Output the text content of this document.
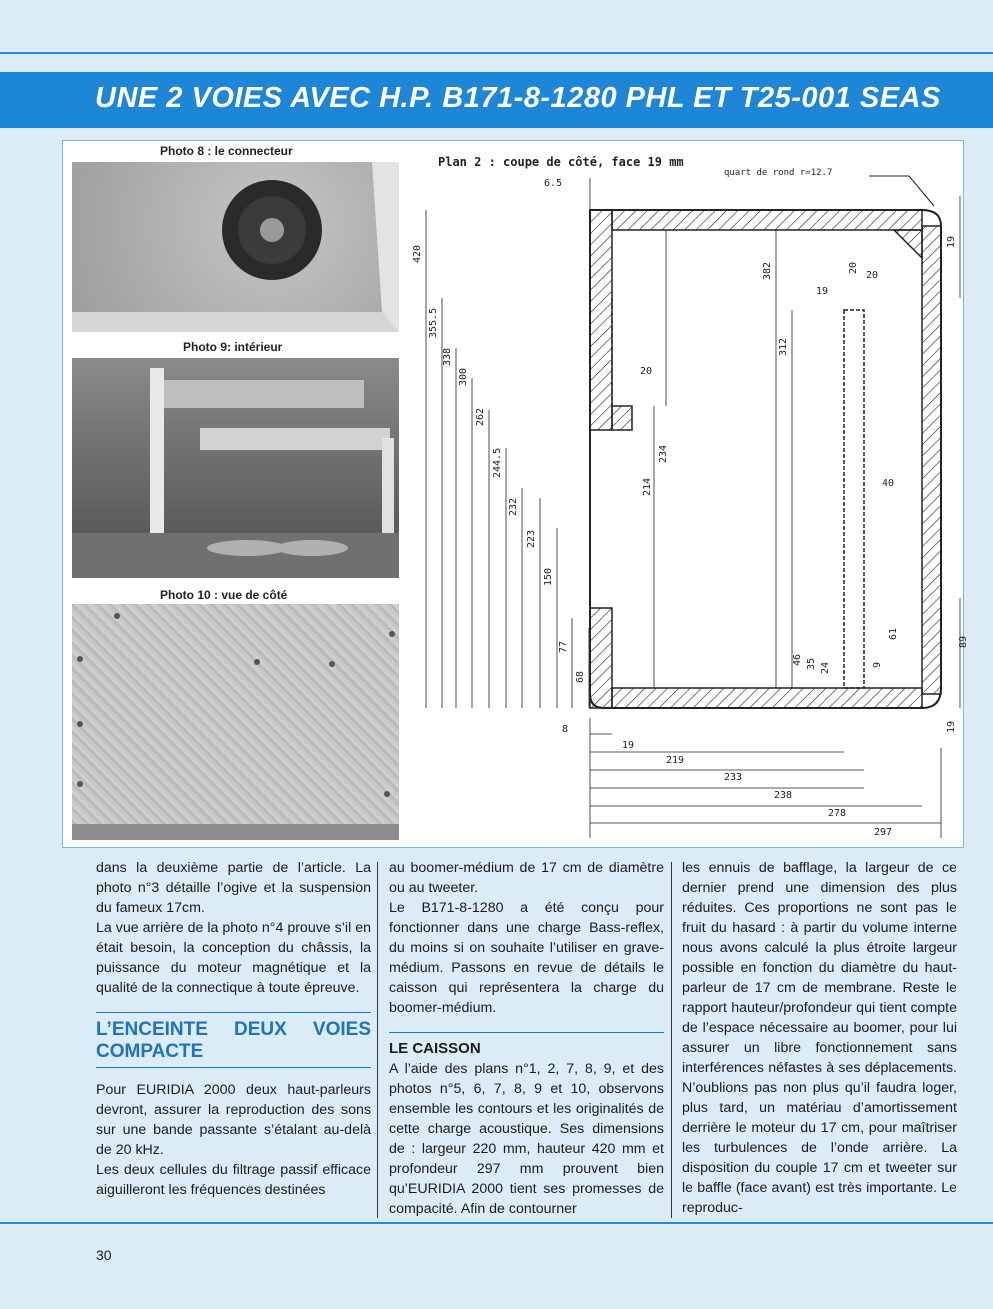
UNE 2 VOIES AVEC H.P. B171-8-1280 PHL ET T25-001 SEAS
Photo 8 : le connecteur
Photo 9: intérieur
Photo 10 : vue de côté
Plan 2 : coupe de côté, face 19 mm
quart de rond r=12.7
6.5
420
355.5
338
300
262
244.5
232
223
150
77
68
382
312
234
214
20
20
20
19
19
19
19
40
46 35 24	9
61
89
8
219
233
238
278
297

dans la deuxième partie de l’article. La photo n°3 détaille l’ogive et la suspension du fameux 17cm.

La vue arrière de la photo n°4 prouve s’il en était besoin, la conception du châssis, la puissance du moteur magnétique et la qualité de la connectique à toute épreuve.

L’ENCEINTE DEUX VOIES COMPACTE

Pour EURIDIA 2000 deux haut-parleurs devront, assurer la reproduction des sons sur une bande passante s’étalant au-delà de 20 kHz.

Les deux cellules du filtrage passif efficace aiguilleront les fréquences destinées

au boomer-médium de 17 cm de diamètre ou au tweeter.

Le B171-8-1280 a été conçu pour fonctionner dans une charge Bass-reflex, du moins si on souhaite l’utiliser en grave-médium. Passons en revue de détails le caisson qui représentera la charge du boomer-médium.

LE CAISSON

A l’aide des plans n°1, 2, 7, 8, 9, et des photos n°5, 6, 7, 8, 9 et 10, observons ensemble les contours et les originalités de cette charge acoustique. Ses dimensions de : largeur 220 mm, hauteur 420 mm et profondeur 297 mm prouvent bien qu’EURIDIA 2000 tient ses promesses de compacité. Afin de contourner

les ennuis de bafflage, la largeur de ce dernier prend une dimension des plus réduites. Ces proportions ne sont pas le fruit du hasard : à partir du volume interne nous avons calculé la plus étroite largeur possible en fonction du diamètre du haut-parleur de 17 cm de membrane. Reste le rapport hauteur/profondeur qui tient compte de l’espace nécessaire au boomer, pour lui assurer un libre fonctionnement sans interférences néfastes à ses déplacements. N’oublions pas non plus qu’il faudra loger, plus tard, un matériau d’amortissement derrière le moteur du 17 cm, pour maîtriser les turbulences de l’onde arrière. La disposition du couple 17 cm et tweeter sur le baffle (face avant) est très importante. Le reproduc-

30
